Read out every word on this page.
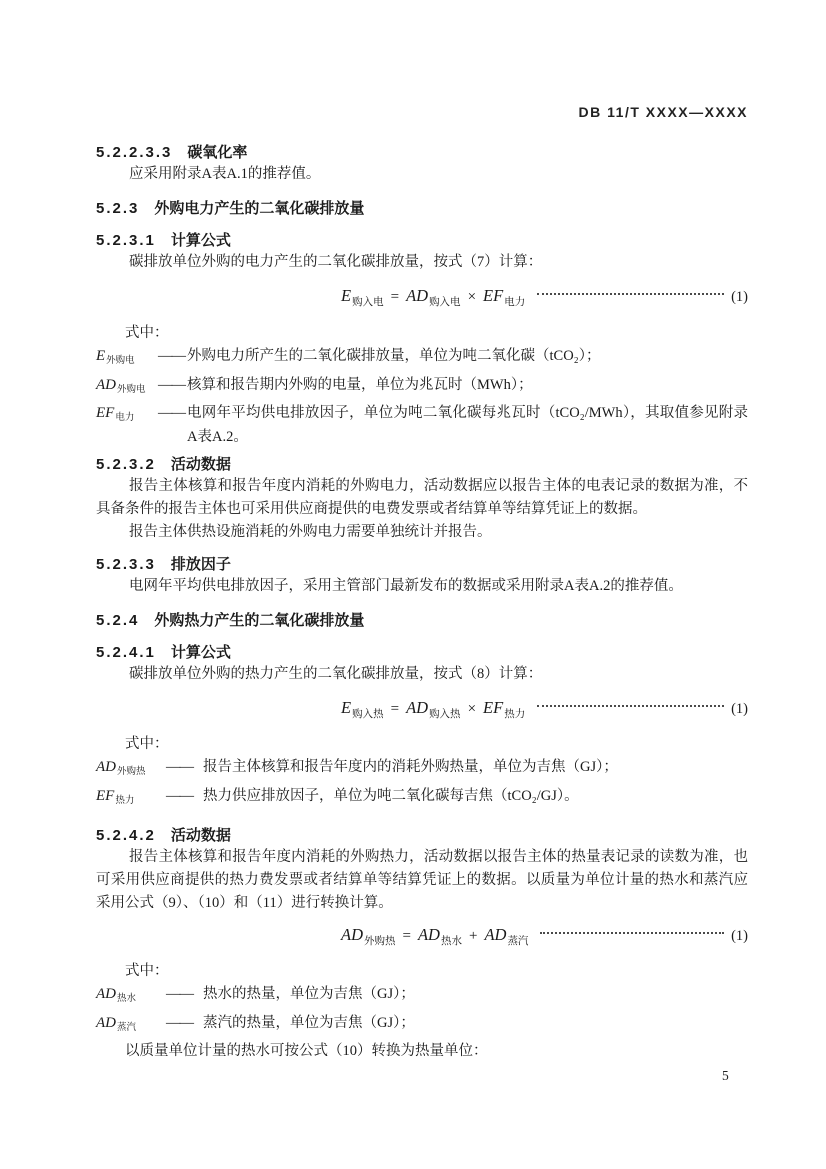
DB 11/T XXXX—XXXX
5.2.2.3.3 碳氧化率

应采用附录A表A.1的推荐值。

5.2.3 外购电力产生的二氧化碳排放量
5.2.3.1 计算公式

碳排放单位外购的电力产生的二氧化碳排放量，按式（7）计算：

$E_{购入电} = AD_{购入电} \times EF_{电力}$	(1)

式中：

$E_{外购电}$	—— 外购电力所产生的二氧化碳排放量，单位为吨二氧化碳（tCO₂）；
$AD_{外购电}$ —— 核算和报告期内外购的电量，单位为兆瓦时（MWh）；
$EF_{电力}$	—— 电网年平均供电排放因子，单位为吨二氧化碳每兆瓦时（tCO₂/MWh），其取值参见附录A表A.2。
5.2.3.2 活动数据

报告主体核算和报告年度内消耗的外购电力，活动数据应以报告主体的电表记录的数据为准，不具备条件的报告主体也可采用供应商提供的电费发票或者结算单等结算凭证上的数据。

报告主体供热设施消耗的外购电力需要单独统计并报告。

5.2.3.3 排放因子

电网年平均供电排放因子，采用主管部门最新发布的数据或采用附录A表A.2的推荐值。

5.2.4 外购热力产生的二氧化碳排放量
5.2.4.1 计算公式

碳排放单位外购的热力产生的二氧化碳排放量，按式（8）计算：

$E_{购入热} = AD_{购入热} \times EF_{热力}$	(1)

式中：

$AD_{外购热}$	—— 报告主体核算和报告年度内的消耗外购热量，单位为吉焦（GJ）；
$EF_{热力}$	—— 热力供应排放因子，单位为吨二氧化碳每吉焦（tCO₂/GJ）。
5.2.4.2 活动数据

报告主体核算和报告年度内消耗的外购热力，活动数据以报告主体的热量表记录的读数为准，也可采用供应商提供的热力费发票或者结算单等结算凭证上的数据。以质量为单位计量的热水和蒸汽应采用公式（9）、（10）和（11）进行转换计算。

$AD_{外购热} = AD_{热水} + AD_{蒸汽}$	(1)

式中：

$AD_{热水}$	—— 热水的热量，单位为吉焦（GJ）；
$AD_{蒸汽}$	—— 蒸汽的热量，单位为吉焦（GJ）；

以质量单位计量的热水可按公式（10）转换为热量单位：

5
